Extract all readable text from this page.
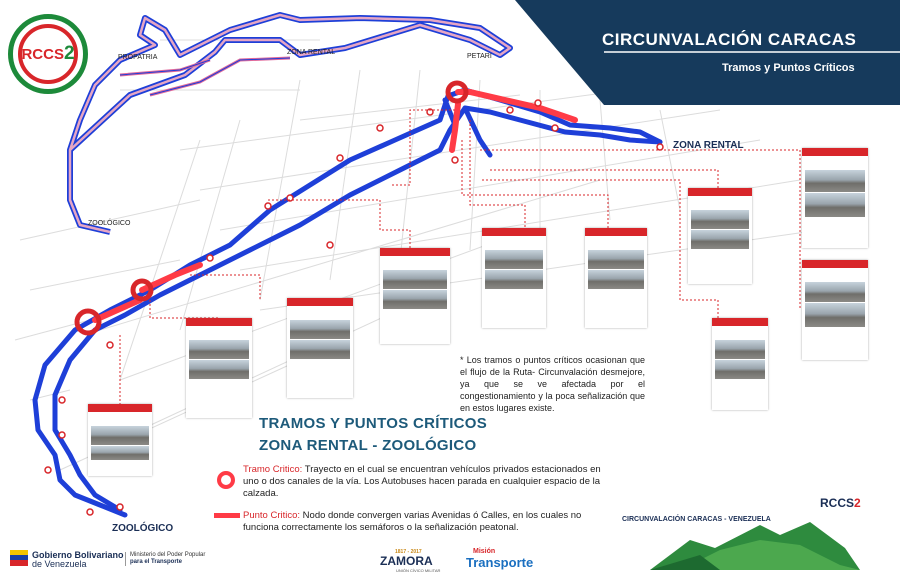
RCCS2
CIRCUNVALACIÓN CARACAS
Tramos y Puntos Críticos
PROPATRIA	PETARI
ZONA RENTAL
ZOOLÓGICO
ZONA RENTAL
ZOOLÓGICO

* Los tramos o puntos críticos ocasionan que el flujo de la Ruta- Circunvalación desmejore, ya que se ve afectada por el congestionamiento y la poca señalización que en estos lugares existe.
TRAMOS Y PUNTOS CRÍTICOS
ZONA RENTAL - ZOOLÓGICO
Tramo Critico: Trayecto en el cual se encuentran vehículos privados estacionados en uno o dos canales de la vía. Los Autobuses hacen parada en cualquier espacio de la calzada.
Punto Critico: Nodo donde convergen varias Avenidas ó Calles, en los cuales no funciona correctamente los semáforos o la señalización peatonal.
RCCS2
CIRCUNVALACIÓN CARACAS - VENEZUELA
Gobierno Bolivariano
de Venezuela
Ministerio del Poder Popular
para el Transporte
1817 - 2017
ZAMORA
UNIÓN CÍVICO MILITAR
Misión
Transporte
